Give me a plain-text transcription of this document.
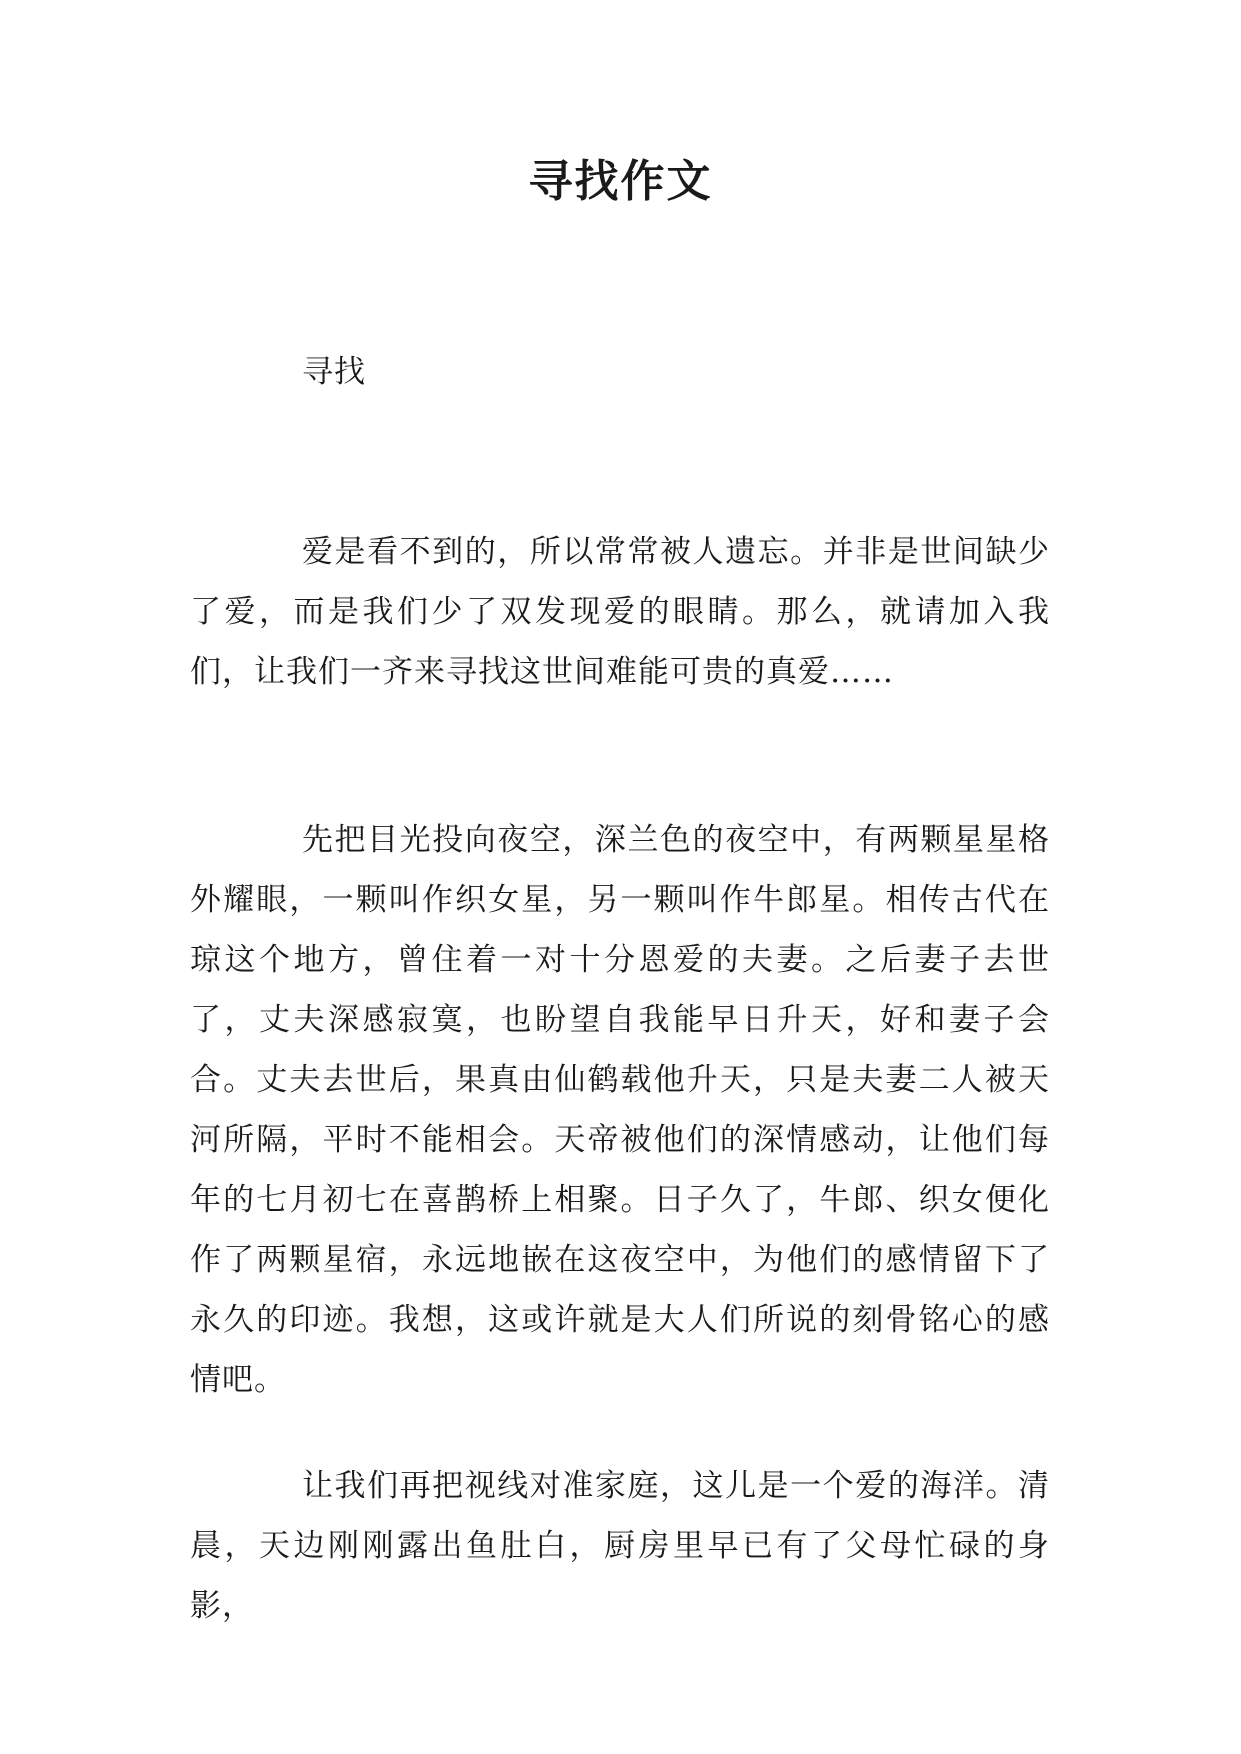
寻找作文

寻找

爱是看不到的，所以常常被人遗忘。并非是世间缺少了爱，而是我们少了双发现爱的眼睛。那么，就请加入我们，让我们一齐来寻找这世间难能可贵的真爱……

先把目光投向夜空，深兰色的夜空中，有两颗星星格外耀眼，一颗叫作织女星，另一颗叫作牛郎星。相传古代在琼这个地方，曾住着一对十分恩爱的夫妻。之后妻子去世了，丈夫深感寂寞，也盼望自我能早日升天，好和妻子会合。丈夫去世后，果真由仙鹤载他升天，只是夫妻二人被天河所隔，平时不能相会。天帝被他们的深情感动，让他们每年的七月初七在喜鹊桥上相聚。日子久了，牛郎、织女便化作了两颗星宿，永远地嵌在这夜空中，为他们的感情留下了永久的印迹。我想，这或许就是大人们所说的刻骨铭心的感情吧。

让我们再把视线对准家庭，这儿是一个爱的海洋。清晨，天边刚刚露出鱼肚白，厨房里早已有了父母忙碌的身影，
